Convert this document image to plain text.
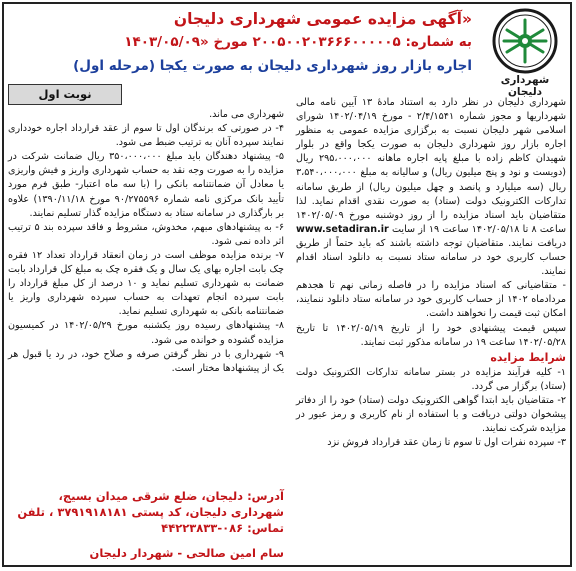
شهرداری دلیجان
«آگهی مزایده عمومی شهرداری دلیجان
به شماره: ۲۰۰۵۰۰۲۰۳۶۶۶۰۰۰۰۰۵ مورخ ۱۴۰۳/۰۵/۰۹»
اجاره بازار روز شهرداری دلیجان به صورت یکجا (مرحله اول)
نوبت اول

شهرداری دلیجان در نظر دارد به استناد مادهٔ ۱۳ آیین نامه مالی شهرداریها و مجوز شماره ۲/۴/۱۵۴۱ - مورخ ۱۴۰۲/۰۴/۱۹ شورای اسلامی شهر دلیجان نسبت به برگزاری مزایده عمومی به منظور اجاره بازار روز شهرداری دلیجان به صورت یکجا واقع در بلوار شهیدان کاظم زاده با مبلغ پایه اجاره ماهانه ۲۹۵،۰۰۰،۰۰۰ ریال (دویست و نود و پنج میلیون ریال) و سالیانه به مبلغ ۳،۵۴۰،۰۰۰،۰۰۰ ریال (سه میلیارد و پانصد و چهل میلیون ریال) از طریق سامانه تدارکات الکترونیک دولت (ستاد) به صورت نقدی اقدام نماید. لذا متقاضیان باید اسناد مزایده را از روز دوشنبه مورخ ۱۴۰۲/۰۵/۰۹ ساعت ۸ تا ۱۴۰۲/۰۵/۱۸ ساعت ۱۹ از سایت www.setadiran.ir دریافت نمایند. متقاضیان توجه داشته باشند که باید حتماً از طریق حساب کاربری خود در سامانه ستاد نسبت به دانلود اسناد اقدام نمایند.

- متقاضیانی که اسناد مزایده را در فاصله زمانی نهم تا هجدهم مردادماه ۱۴۰۲ از حساب کاربری خود در سامانه ستاد دانلود ننمایند، امکان ثبت قیمت را نخواهند داشت.

سپس قیمت پیشنهادی خود را از تاریخ ۱۴۰۲/۰۵/۱۹ تا تاریخ ۱۴۰۲/۰۵/۲۸ ساعت ۱۹ در سامانه مذکور ثبت نمایند.

شرایط مزایده

۱- کلیه فرآیند مزایده در بستر سامانه تدارکات الکترونیک دولت (ستاد) برگزار می گردد.

۲- متقاضیان باید ابتدا گواهی الکترونیک دولت (ستاد) خود را از دفاتر پیشخوان دولتی دریافت و با استفاده از نام کاربری و رمز عبور در مزایده شرکت نمایند.

۳- سپرده نفرات اول تا سوم تا زمان عقد قرارداد فروش نزد

شهرداری می ماند.

۴- در صورتی که برندگان اول تا سوم از عقد قرارداد اجاره خودداری نمایند سپرده آنان به ترتیب ضبط می شود.

۵- پیشنهاد دهندگان باید مبلغ ۳۵۰،۰۰۰،۰۰۰ ریال ضمانت شرکت در مزایده را به صورت وجه نقد به حساب شهرداری واریز و فیش واریزی یا معادل آن ضمانتنامه بانکی را (با سه ماه اعتبار- طبق فرم مورد تأیید بانک مرکزی نامه شماره ۹۰/۲۷۵۵۹۶ مورخ ۱۳۹۰/۱۱/۱۸) علاوه بر بارگذاری در سامانه ستاد به دستگاه مزایده گذار تسلیم نمایند.

۶- به پیشنهادهای مبهم، مخدوش، مشروط و فاقد سپرده بند ۵ ترتیب اثر داده نمی شود.

۷- برنده مزایده موظف است در زمان انعقاد قرارداد تعداد ۱۲ فقره چک بابت اجاره بهای یک سال و یک فقره چک به مبلغ کل قرارداد بابت ضمانت به شهرداری تسلیم نماید و ۱۰ درصد از کل مبلغ قرارداد را بابت سپرده انجام تعهدات به حساب سپرده شهرداری واریز یا ضمانتنامه بانکی به شهرداری تسلیم نماید.

۸- پیشنهادهای رسیده روز یکشنبه مورخ ۱۴۰۲/۰۵/۲۹ در کمیسیون مزایده گشوده و خوانده می شود.

۹- شهرداری با در نظر گرفتن صرفه و صلاح خود، در رد یا قبول هر یک از پیشنهادها مختار است.

آدرس: دلیجان، ضلع شرقی میدان بسیج، شهرداری دلیجان، کد پستی ۳۷۹۱۹۱۸۱۸۱ ، تلفن تماس: ۰۸۶-۴۴۲۲۳۸۳۳
سام امین صالحی - شهردار دلیجان
